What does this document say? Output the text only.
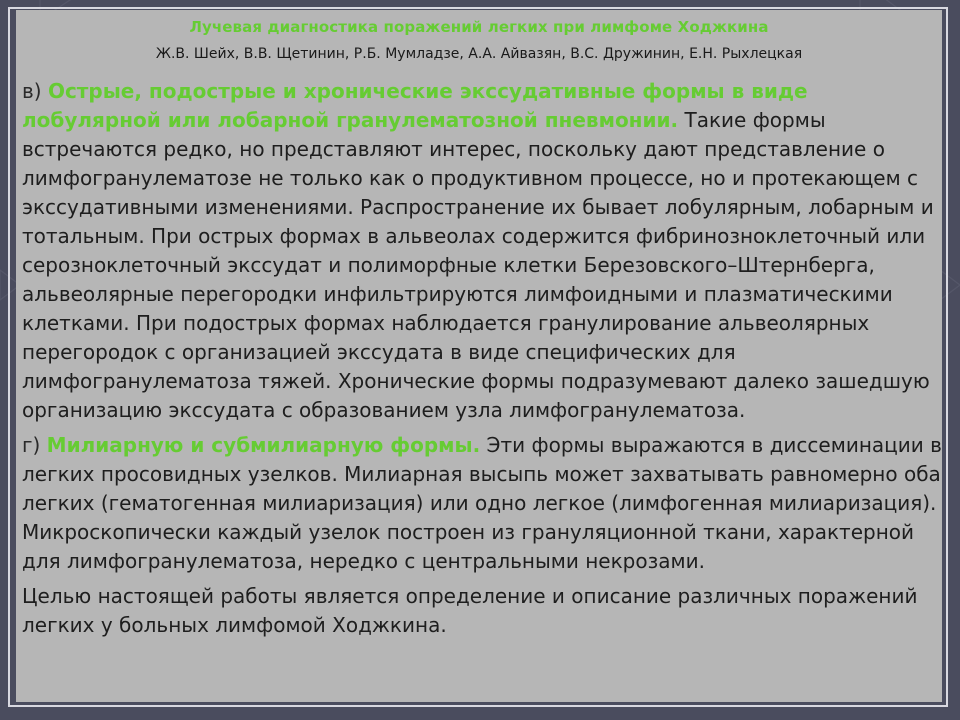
Лучевая диагностика поражений легких при лимфоме Ходжкина
Ж.В. Шейх, В.В. Щетинин, Р.Б. Мумладзе, А.А. Айвазян, В.С. Дружинин, Е.Н. Рыхлецкая

в) Острые, подострые и хронические экссудативные формы в виде лобулярной или лобарной гранулематозной пневмонии. Такие формы встречаются редко, но представляют интерес, поскольку дают представление о лимфогранулематозе не только как о продуктивном процессе, но и протекающем с экссудативными изменениями. Распространение их бывает лобулярным, лобарным и тотальным. При острых формах в альвеолах содержится фибринозноклеточный или серозноклеточный экссудат и полиморфные клетки Березовского–Штернберга, альвеолярные перегородки инфильтрируются лимфоидными и плазматическими клетками. При подострых формах наблюдается гранулирование альвеолярных перегородок с организацией экссудата в виде специфических для лимфогранулематоза тяжей. Хронические формы подразумевают далеко зашедшую организацию экссудата с образованием узла лимфогранулематоза.

г) Милиарную и субмилиарную формы. Эти формы выражаются в диссеминации в легких просовидных узелков. Милиарная высыпь может захватывать равномерно оба легких (гематогенная милиаризация) или одно легкое (лимфогенная милиаризация). Микроскопически каждый узелок построен из грануляционной ткани, характерной для лимфогранулематоза, нередко с центральными некрозами.

Целью настоящей работы является определение и описание различных поражений легких у больных лимфомой Ходжкина.
